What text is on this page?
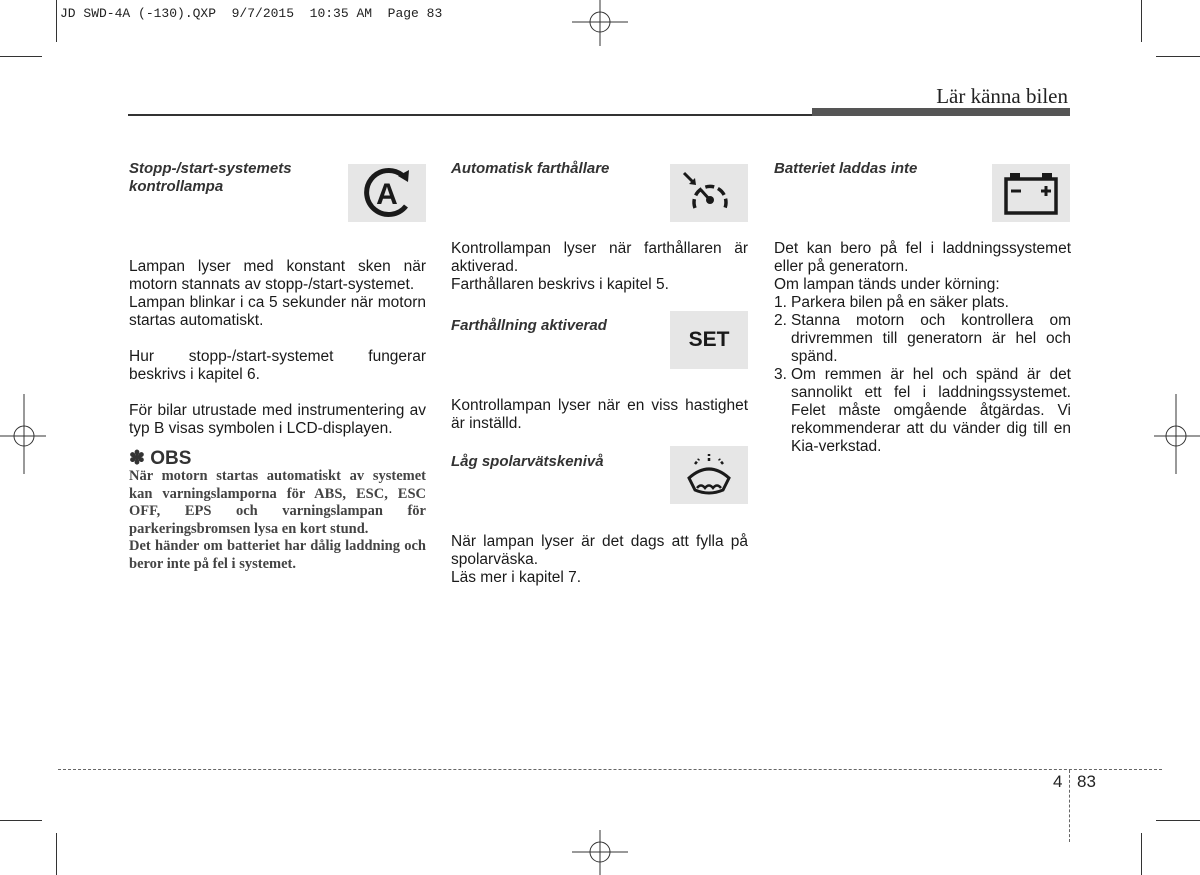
JD SWD-4A (-130).QXP  9/7/2015  10:35 AM  Page 83
Lär känna bilen
Stopp-/start-systemets kontrollampa	A

Lampan lyser med konstant sken när motorn stannats av stopp-/start-systemet.

Lampan blinkar i ca 5 sekunder när motorn startas automatiskt.

Hur stopp-/start-systemet fungerar beskrivs i kapitel 6.

För bilar utrustade med instrumentering av typ B visas symbolen i LCD-displayen.

✽ OBS

När motorn startas automatiskt av systemet kan varningslamporna för ABS, ESC, ESC OFF, EPS och varningslampan för parkeringsbromsen lysa en kort stund.

Det händer om batteriet har dålig laddning och beror inte på fel i systemet.

Automatisk farthållare

Kontrollampan lyser när farthållaren är aktiverad.

Farthållaren beskrivs i kapitel 5.

Farthållning aktiverad
SET

Kontrollampan lyser när en viss hastighet är inställd.

Låg spolarvätskenivå

När lampan lyser är det dags att fylla på spolarväska.

Läs mer i kapitel 7.

Batteriet laddas inte

Det kan bero på fel i laddningssystemet eller på generatorn.

Om lampan tänds under körning:

1. Parkera bilen på en säker plats.
2. Stanna motorn och kontrollera om drivremmen till generatorn är hel och spänd.
3. Om remmen är hel och spänd är det sannolikt ett fel i laddningssystemet. Felet måste omgående åtgärdas. Vi rekommenderar att du vänder dig till en Kia-verkstad.
4 83
